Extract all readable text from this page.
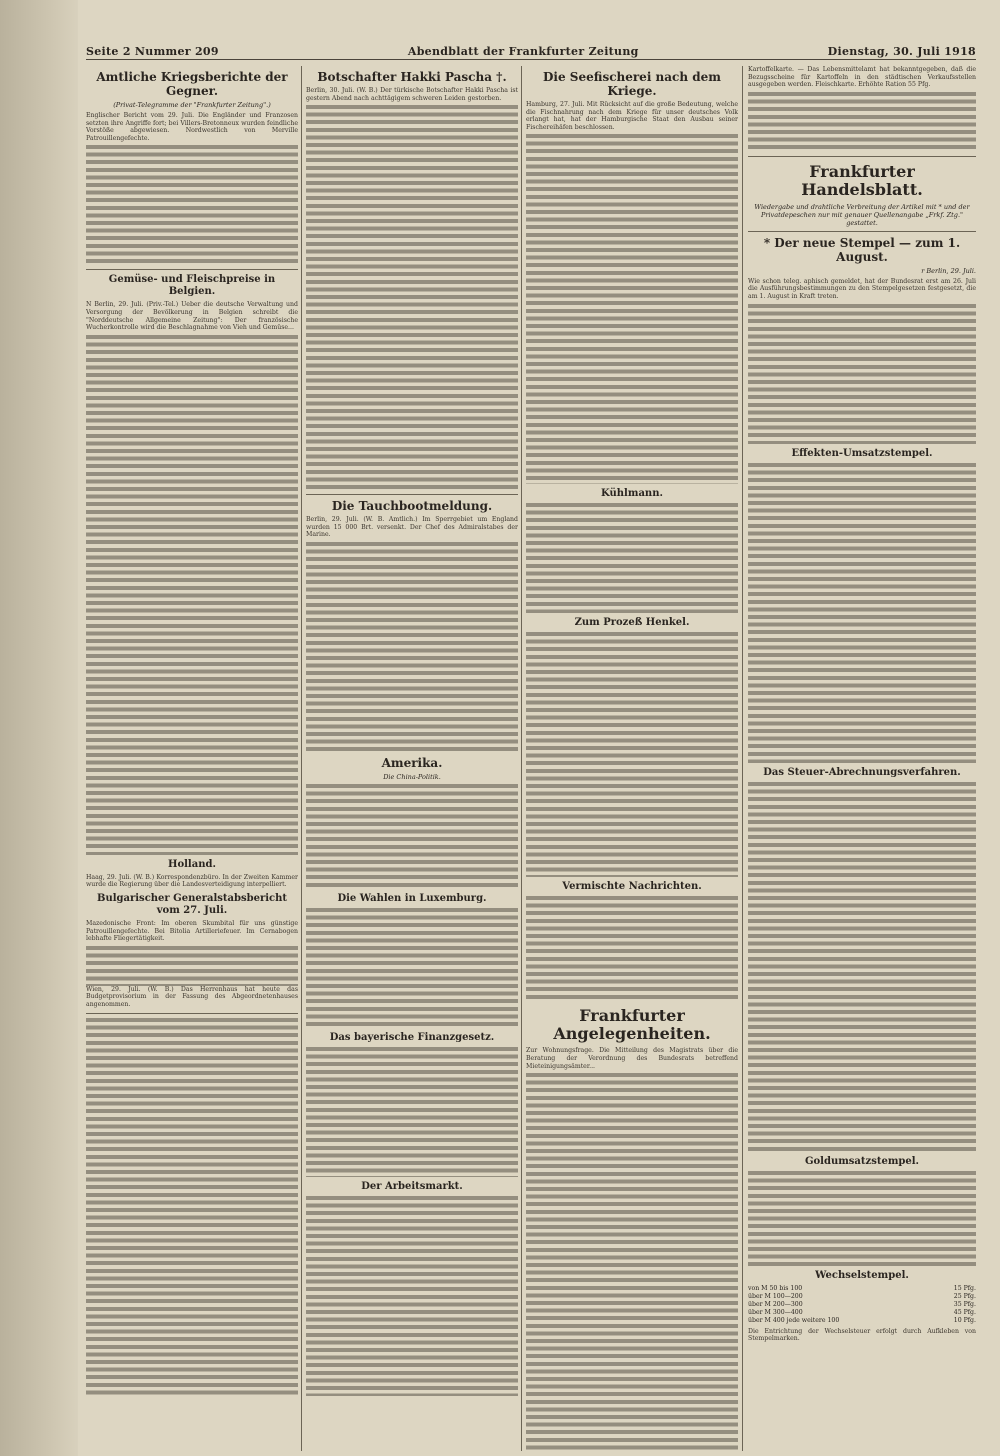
Seite 2 Nummer 209	Abendblatt der Frankfurter Zeitung	Dienstag, 30. Juli 1918
Amtliche Kriegsberichte der Gegner.
(Privat-Telegramme der "Frankfurter Zeitung".)
Englischer Bericht vom 29. Juli. Die Engländer und Franzosen setzten ihre Angriffe fort; bei Villers-Bretonneux wurden feindliche Vorstöße abgewiesen. Nordwestlich von Merville Patrouillengefechte.
Gemüse- und Fleischpreise in Belgien.
N Berlin, 29. Juli. (Priv.-Tel.) Ueber die deutsche Verwaltung und Versorgung der Bevölkerung in Belgien schreibt die "Norddeutsche Allgemeine Zeitung": Der französische Wucherkontrolle wird die Beschlagnahme von Vieh und Gemüse...
Holland.
Haag, 29. Juli. (W. B.) Korrespondenzbüro. In der Zweiten Kammer wurde die Regierung über die Landesverteidigung interpelliert.
Bulgarischer Generalstabsbericht vom 27. Juli.
Mazedonische Front: Im oberen Skumbital für uns günstige Patrouillengefechte. Bei Bitolia Artilleriefeuer. Im Cernabogen lebhafte Fliegertätigkeit.
Wien, 29. Juli. (W. B.) Das Herrenhaus hat heute das Budgetprovisorium in der Fassung des Abgeordnetenhauses angenommen.
Botschafter Hakki Pascha †.
Berlin, 30. Juli. (W. B.) Der türkische Botschafter Hakki Pascha ist gestern Abend nach achttägigem schweren Leiden gestorben.
Die Tauchbootmeldung.
Berlin, 29. Juli. (W. B. Amtlich.) Im Sperrgebiet um England wurden 15 000 Brt. versenkt. Der Chef des Admiralstabes der Marine.
Amerika.
Die China-Politik.
Die Wahlen in Luxemburg.
Das bayerische Finanzgesetz.
Der Arbeitsmarkt.
Die Seefischerei nach dem Kriege.
Hamburg, 27. Juli. Mit Rücksicht auf die große Bedeutung, welche die Fischnahrung nach dem Kriege für unser deutsches Volk erlangt hat, hat der Hamburgische Staat den Ausbau seiner Fischereihäfen beschlossen.
Kühlmann.
Zum Prozeß Henkel.
Vermischte Nachrichten.
Frankfurter Angelegenheiten.
Zur Wohnungsfrage. Die Mitteilung des Magistrats über die Beratung der Verordnung des Bundesrats betreffend Mieteinigungsämter...
Kartoffelkarte. — Das Lebensmittelamt hat bekanntgegeben, daß die Bezugsscheine für Kartoffeln in den städtischen Verkaufsstellen ausgegeben werden. Fleischkarte. Erhöhte Ration 55 Pfg.
Frankfurter Handelsblatt.
Wiedergabe und drahtliche Verbreitung der Artikel mit * und der Privatdepeschen nur mit genauer Quellenangabe „Frkf. Ztg." gestattet.
* Der neue Stempel — zum 1. August.
r Berlin, 29. Juli.
Wie schon teleg. aphisch gemeldet, hat der Bundesrat erst am 26. Juli die Ausführungsbestimmungen zu den Stempelgesetzen festgesetzt, die am 1. August in Kraft treten.
Effekten-Umsatzstempel.
Das Steuer-Abrechnungsverfahren.
Goldumsatzstempel.
Wechselstempel.
von M 50 bis 100	15 Pfg.
über M 100—200	25 Pfg.
über M 200—300	35 Pfg.
über M 300—400	45 Pfg.
über M 400 jede weitere 100	10 Pfg.
Die Entrichtung der Wechselsteuer erfolgt durch Aufkleben von Stempelmarken.
